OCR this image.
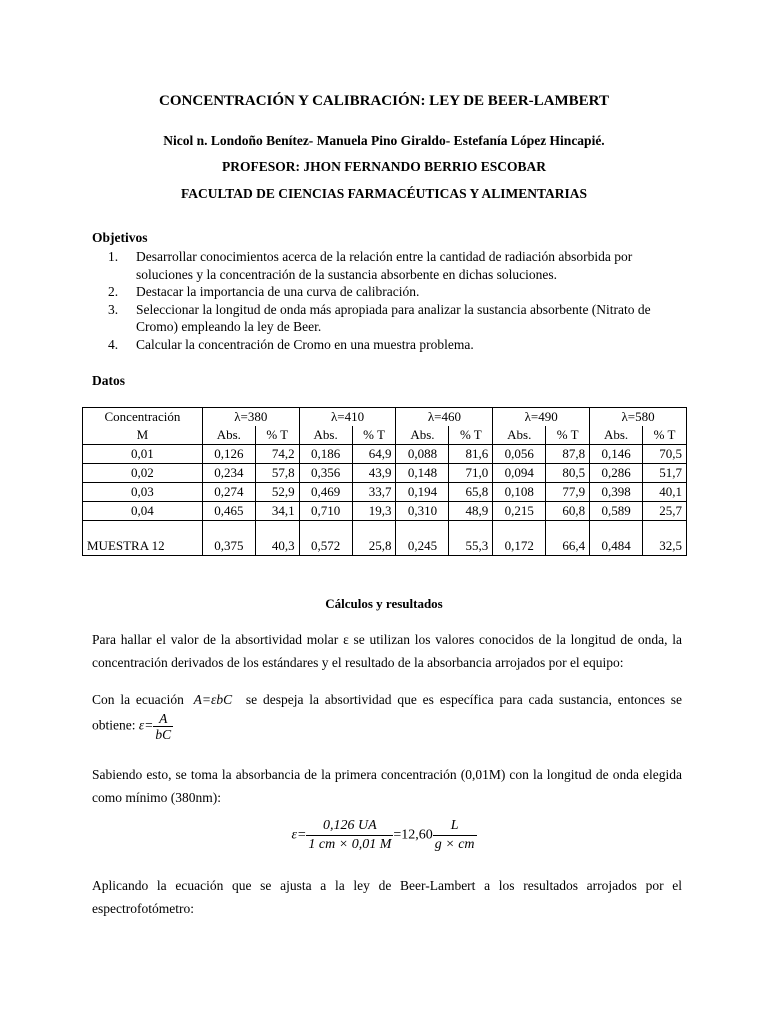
CONCENTRACIÓN Y CALIBRACIÓN: LEY DE BEER-LAMBERT
Nicol n. Londoño Benítez- Manuela Pino Giraldo- Estefanía López Hincapié.
PROFESOR: JHON FERNANDO BERRIO ESCOBAR
FACULTAD DE CIENCIAS FARMACÉUTICAS Y ALIMENTARIAS
Objetivos
1. Desarrollar conocimientos acerca de la relación entre la cantidad de radiación absorbida por soluciones y la concentración de la sustancia absorbente en dichas soluciones.
2. Destacar la importancia de una curva de calibración.
3. Seleccionar la longitud de onda más apropiada para analizar la sustancia absorbente (Nitrato de Cromo) empleando la ley de Beer.
4. Calcular la concentración de Cromo en una muestra problema.
Datos
Concentración	λ=380		λ=410		λ=460		λ=490		λ=580	
M	Abs.	% T	Abs.	% T	Abs.	% T	Abs.	% T	Abs.	% T
0,01	0,126	74,2	0,186	64,9	0,088	81,6	0,056	87,8	0,146	70,5
0,02	0,234	57,8	0,356	43,9	0,148	71,0	0,094	80,5	0,286	51,7
0,03	0,274	52,9	0,469	33,7	0,194	65,8	0,108	77,9	0,398	40,1
0,04	0,465	34,1	0,710	19,3	0,310	48,9	0,215	60,8	0,589	25,7

MUESTRA 12	0,375	40,3	0,572	25,8	0,245	55,3	0,172	66,4	0,484	32,5
Cálculos y resultados
Para hallar el valor de la absortividad molar ε se utilizan los valores conocidos de la longitud de onda, la concentración derivados de los estándares y el resultado de la absorbancia arrojados por el equipo:
Con la ecuación A=εbC se despeja la absortividad que es específica para cada sustancia, entonces se obtiene: $\varepsilon= \frac{A}{bC}$
Sabiendo esto, se toma la absorbancia de la primera concentración (0,01M) con la longitud de onda elegida como mínimo (380nm):
$\varepsilon= \frac{0,126 UA}{1 cm \times 0,01 M} =12,60 \frac{L}{g \times cm}$
Aplicando la ecuación que se ajusta a la ley de Beer-Lambert a los resultados arrojados por el espectrofotómetro:
